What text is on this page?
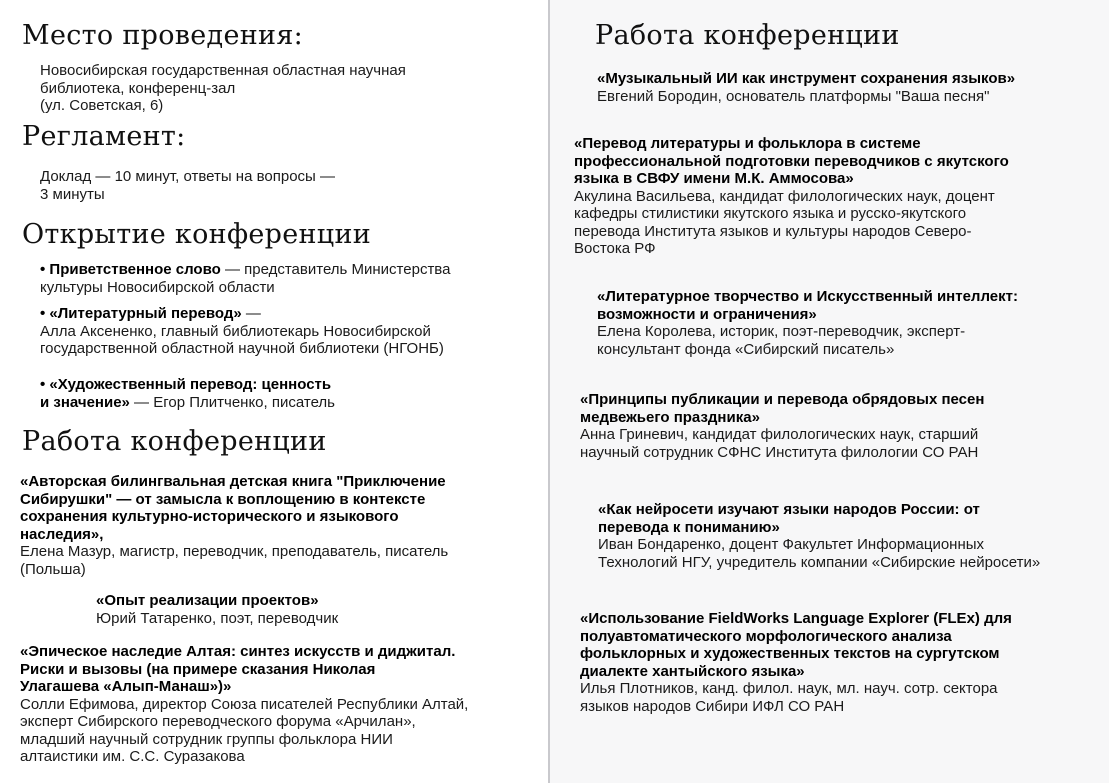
Место проведения:
Новосибирская государственная областная научная
библиотека, конференц-зал
(ул. Советская, 6)
Регламент:
Доклад — 10 минут, ответы на вопросы —
3 минуты
Открытие конференции
• Приветственное слово — представитель Министерства
культуры Новосибирской области
• «Литературный перевод» —
Алла Аксененко, главный библиотекарь Новосибирской
государственной областной научной библиотеки (НГОНБ)
• «Художественный перевод: ценность
и значение» — Егор Плитченко, писатель
Работа конференции
«Авторская билингвальная детская книга "Приключение
Сибирушки" — от замысла к воплощению в контексте
сохранения культурно-исторического и языкового
наследия»,
Елена Мазур, магистр, переводчик, преподаватель, писатель
(Польша)
«Опыт реализации проектов»
Юрий Татаренко, поэт, переводчик
«Эпическое наследие Алтая: синтез искусств и диджитал.
Риски и вызовы (на примере сказания Николая
Улагашева «Алып-Манаш»)»
Солли Ефимова, директор Союза писателей Республики Алтай,
эксперт Сибирского переводческого форума «Арчилан»,
младший научный сотрудник группы фольклора НИИ
алтаистики им. С.С. Суразакова
Работа конференции
«Музыкальный ИИ как инструмент сохранения языков»
Евгений Бородин, основатель платформы "Ваша песня"
«Перевод литературы и фольклора в системе
профессиональной подготовки переводчиков с якутского
языка в СВФУ имени М.К. Аммосова»
Акулина Васильева, кандидат филологических наук, доцент
кафедры стилистики якутского языка и русско-якутского
перевода Института языков и культуры народов Северо-
Востока РФ
«Литературное творчество и Искусственный интеллект:
возможности и ограничения»
Елена Королева, историк, поэт-переводчик, эксперт-
консультант фонда «Сибирский писатель»
«Принципы публикации и перевода обрядовых песен
медвежьего праздника»
Анна Гриневич, кандидат филологических наук, старший
научный сотрудник СФНС Института филологии СО РАН
«Как нейросети изучают языки народов России: от
перевода к пониманию»
Иван Бондаренко, доцент Факультет Информационных
Технологий НГУ, учредитель компании «Сибирские нейросети»
«Использование FieldWorks Language Explorer (FLEx) для
полуавтоматического морфологического анализа
фольклорных и художественных текстов на сургутском
диалекте хантыйского языка»
Илья Плотников, канд. филол. наук, мл. науч. сотр. сектора
языков народов Сибири ИФЛ СО РАН
